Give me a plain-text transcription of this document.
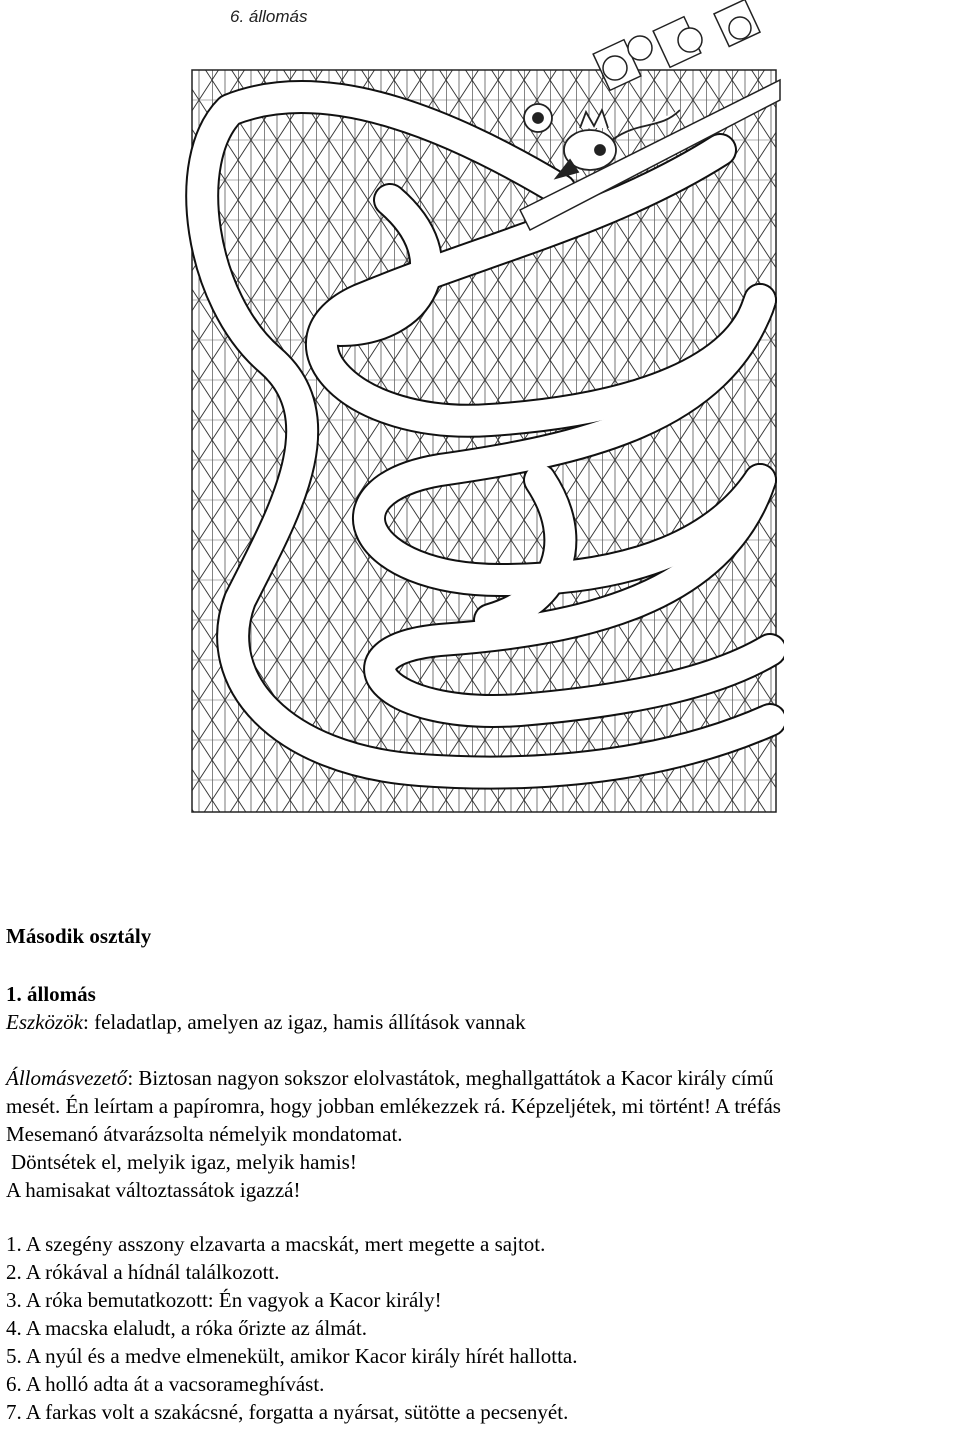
6. állomás

Második osztály

1. állomás

Eszközök: feladatlap, amelyen az igaz, hamis állítások vannak

Állomásvezető: Biztosan nagyon sokszor elolvastátok, meghallgattátok a Kacor király című

mesét. Én leírtam a papíromra, hogy jobban emlékezzek rá. Képzeljétek, mi történt! A tréfás

Mesemanó átvarázsolta némelyik mondatomat.

Döntsétek el, melyik igaz, melyik hamis!

A hamisakat változtassátok igazzá!

1. A szegény asszony elzavarta a macskát, mert megette a sajtot.
2. A rókával a hídnál találkozott.
3. A róka bemutatkozott: Én vagyok a Kacor király!
4. A macska elaludt, a róka őrizte az álmát.
5. A nyúl és a medve elmenekült, amikor Kacor király hírét hallotta.
6. A holló adta át a vacsorameghívást.
7. A farkas volt a szakácsné, forgatta a nyársat, sütötte a pecsenyét.
